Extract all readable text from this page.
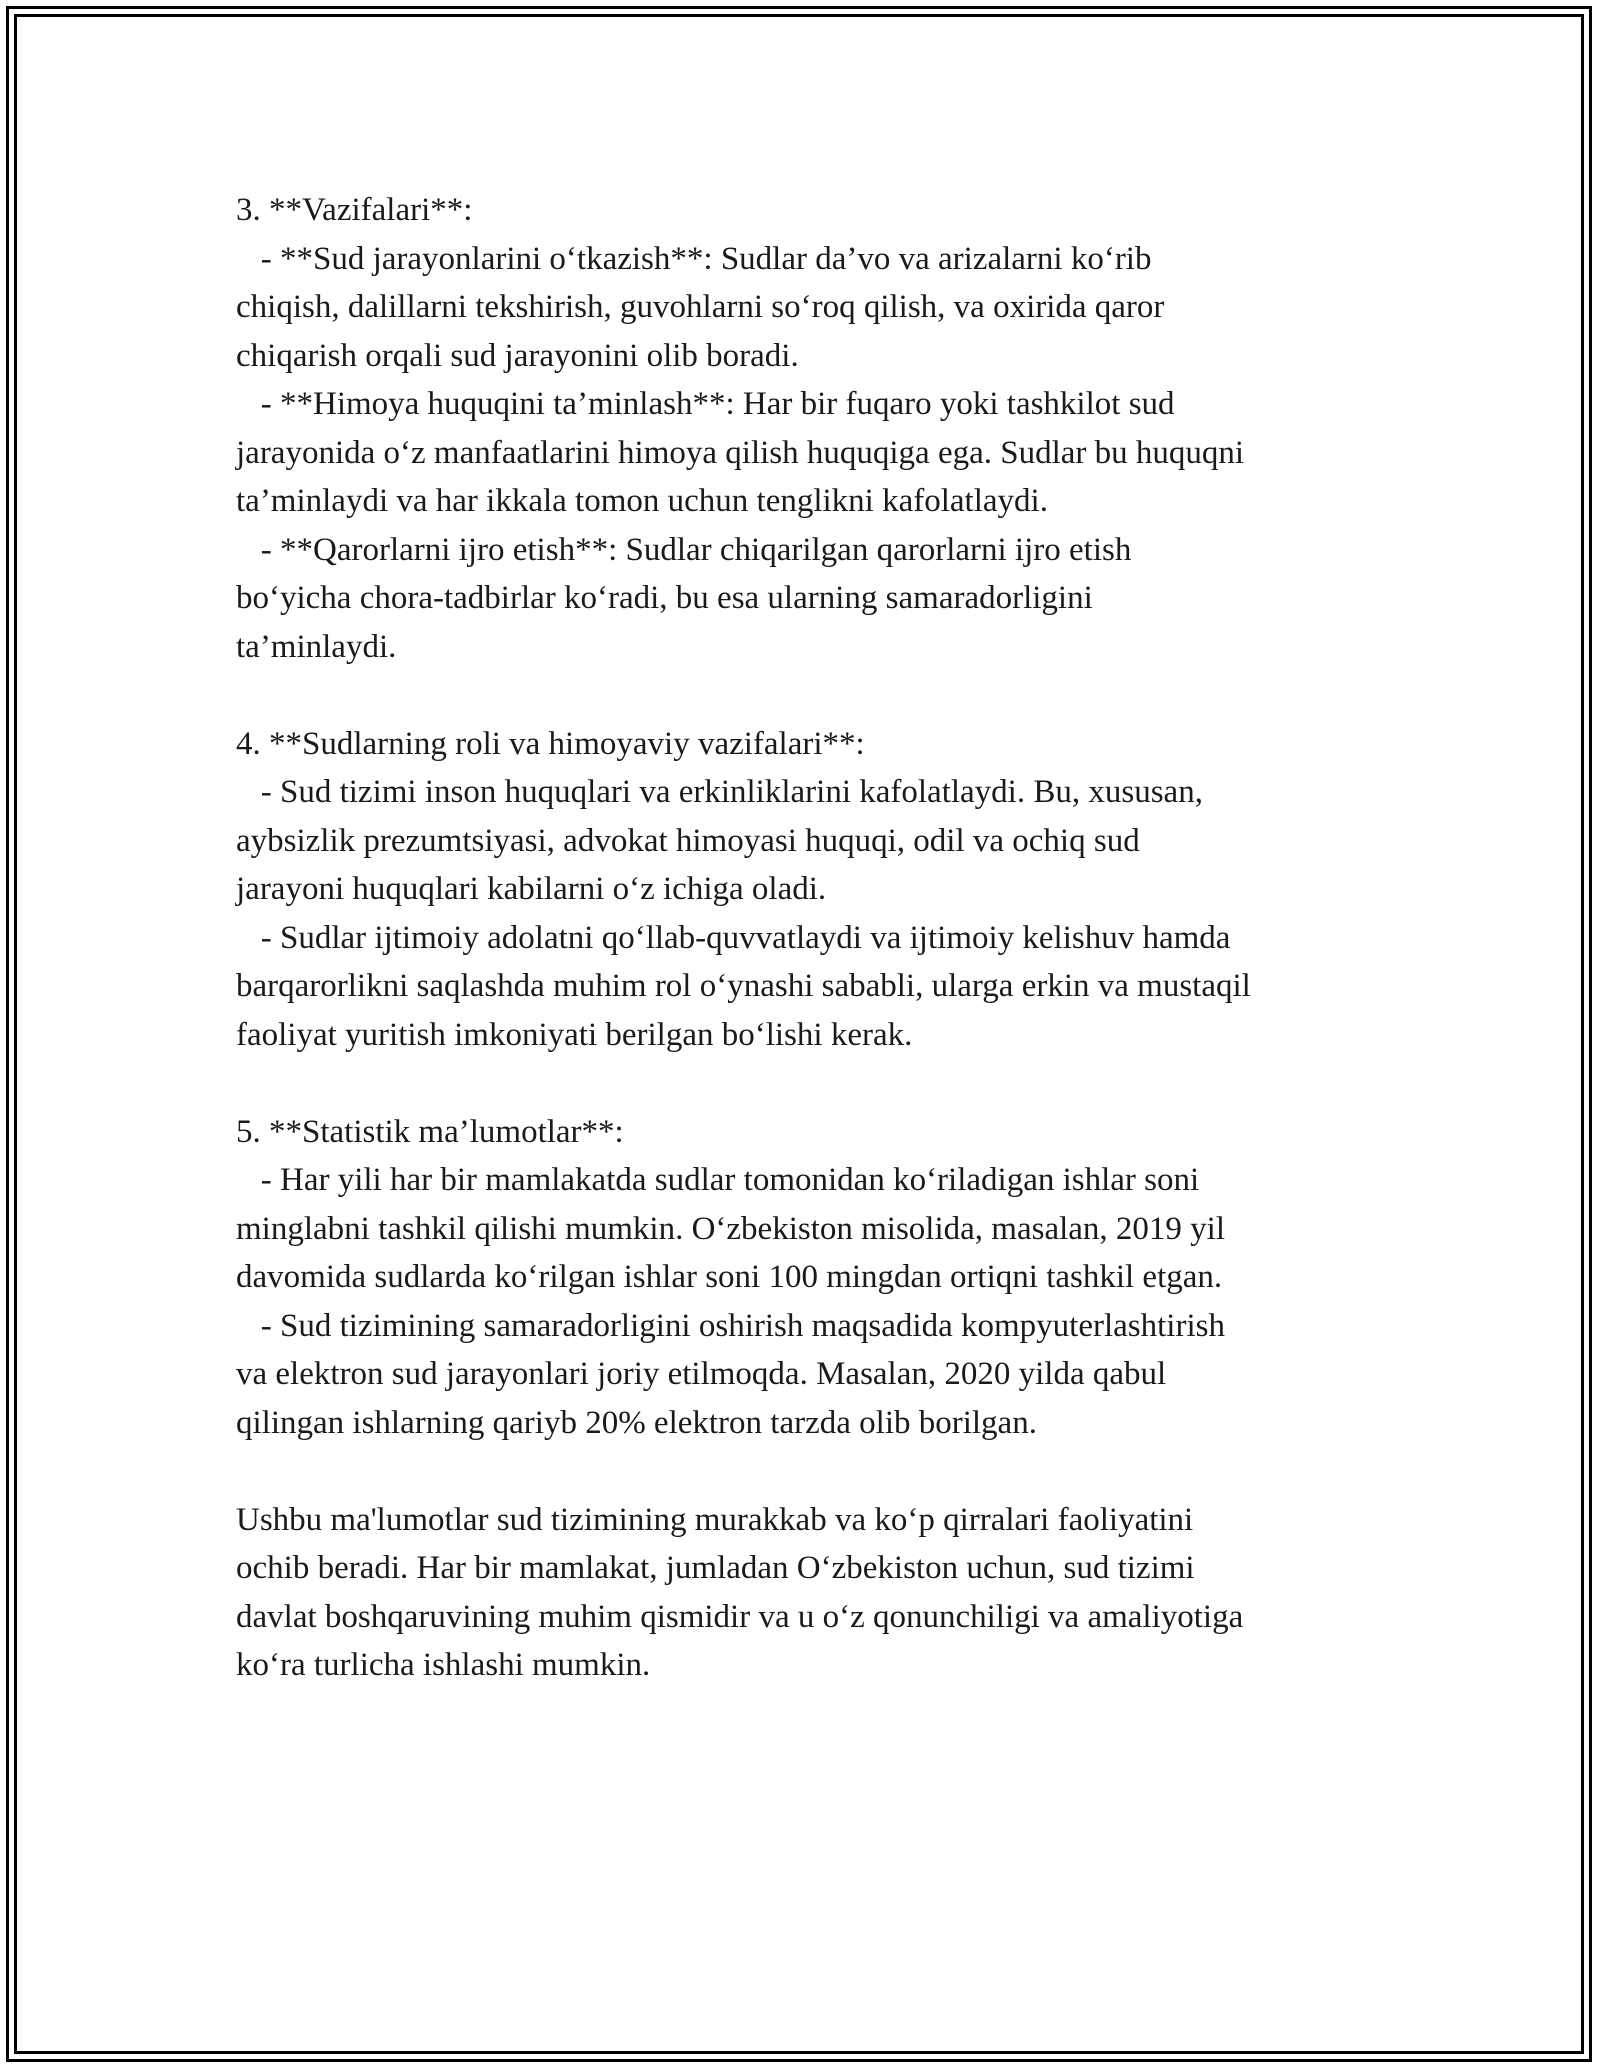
3. **Vazifalari**:
- **Sud jarayonlarini o‘tkazish**: Sudlar da’vo va arizalarni ko‘rib
chiqish, dalillarni tekshirish, guvohlarni so‘roq qilish, va oxirida qaror
chiqarish orqali sud jarayonini olib boradi.
- **Himoya huquqini ta’minlash**: Har bir fuqaro yoki tashkilot sud
jarayonida o‘z manfaatlarini himoya qilish huquqiga ega. Sudlar bu huquqni
ta’minlaydi va har ikkala tomon uchun tenglikni kafolatlaydi.
- **Qarorlarni ijro etish**: Sudlar chiqarilgan qarorlarni ijro etish
bo‘yicha chora-tadbirlar ko‘radi, bu esa ularning samaradorligini
ta’minlaydi.
4. **Sudlarning roli va himoyaviy vazifalari**:
- Sud tizimi inson huquqlari va erkinliklarini kafolatlaydi. Bu, xususan,
aybsizlik prezumtsiyasi, advokat himoyasi huquqi, odil va ochiq sud
jarayoni huquqlari kabilarni o‘z ichiga oladi.
- Sudlar ijtimoiy adolatni qo‘llab-quvvatlaydi va ijtimoiy kelishuv hamda
barqarorlikni saqlashda muhim rol o‘ynashi sababli, ularga erkin va mustaqil
faoliyat yuritish imkoniyati berilgan bo‘lishi kerak.
5. **Statistik ma’lumotlar**:
- Har yili har bir mamlakatda sudlar tomonidan ko‘riladigan ishlar soni
minglabni tashkil qilishi mumkin. O‘zbekiston misolida, masalan, 2019 yil
davomida sudlarda ko‘rilgan ishlar soni 100 mingdan ortiqni tashkil etgan.
- Sud tizimining samaradorligini oshirish maqsadida kompyuterlashtirish
va elektron sud jarayonlari joriy etilmoqda. Masalan, 2020 yilda qabul
qilingan ishlarning qariyb 20% elektron tarzda olib borilgan.
Ushbu ma'lumotlar sud tizimining murakkab va ko‘p qirralari faoliyatini
ochib beradi. Har bir mamlakat, jumladan O‘zbekiston uchun, sud tizimi
davlat boshqaruvining muhim qismidir va u o‘z qonunchiligi va amaliyotiga
ko‘ra turlicha ishlashi mumkin.
